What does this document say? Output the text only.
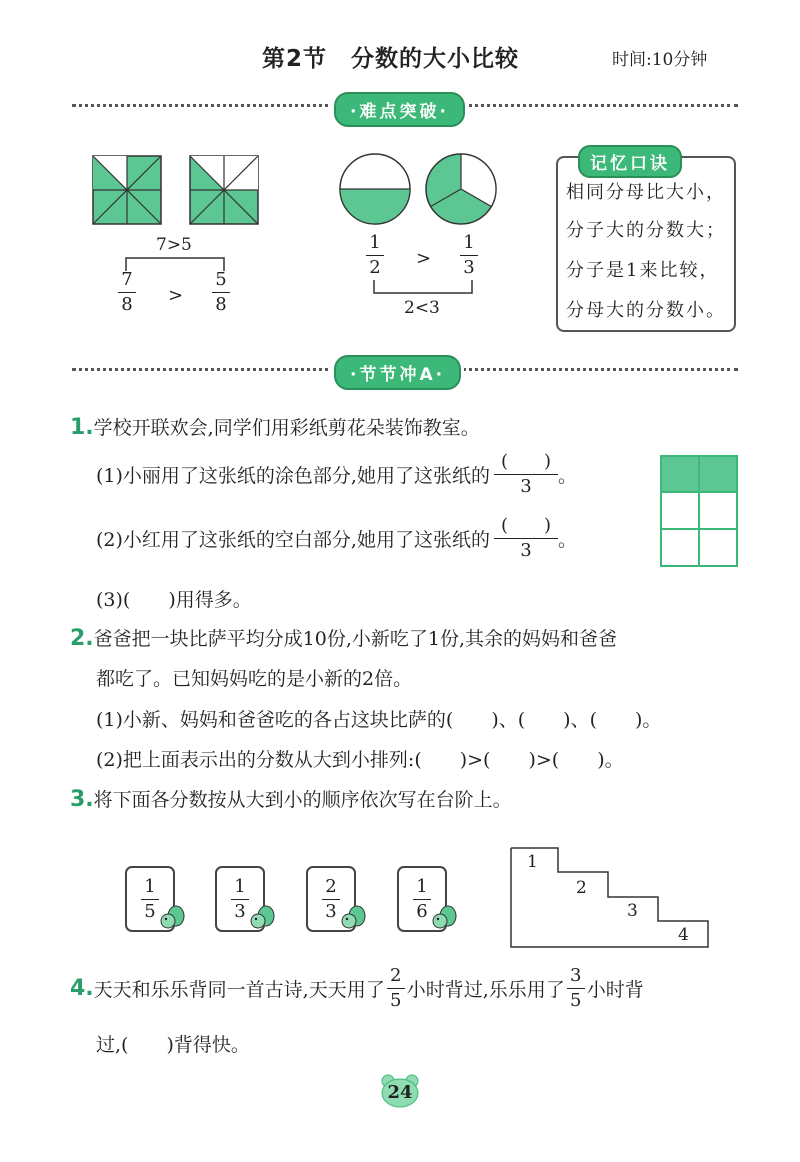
第2节　分数的大小比较	时间:10分钟
·难点突破·
7>5
7
8 >
5
8
1
2 >
1
3
2<3
记忆口诀
相同分母比大小，
分子大的分数大；
分子是1来比较，
分母大的分数小。
·节节冲A·
1.学校开联欢会,同学们用彩纸剪花朵装饰教室。
(1)小丽用了这张纸的涂色部分,她用了这张纸的 $\frac{( )}{3}$ 。
(2)小红用了这张纸的空白部分,她用了这张纸的 $\frac{( )}{3}$ 。
(3)(　　)用得多。
2.爸爸把一块比萨平均分成10份,小新吃了1份,其余的妈妈和爸爸
都吃了。已知妈妈吃的是小新的2倍。
(1)小新、妈妈和爸爸吃的各占这块比萨的(　　)、(　　)、(　　)。
(2)把上面表示出的分数从大到小排列:(　　)>(　　)>(　　)。
3.将下面各分数按从大到小的顺序依次写在台阶上。
$\frac{1}{5}$	$\frac{1}{3}$	$\frac{2}{3}$	$\frac{1}{6}$
1
2
3
4
4. 天天和乐乐背同一首古诗,天天用了 $\frac{2}{5}$ 小时背过,乐乐用了 $\frac{3}{5}$ 小时背
过,(　　)背得快。
24
